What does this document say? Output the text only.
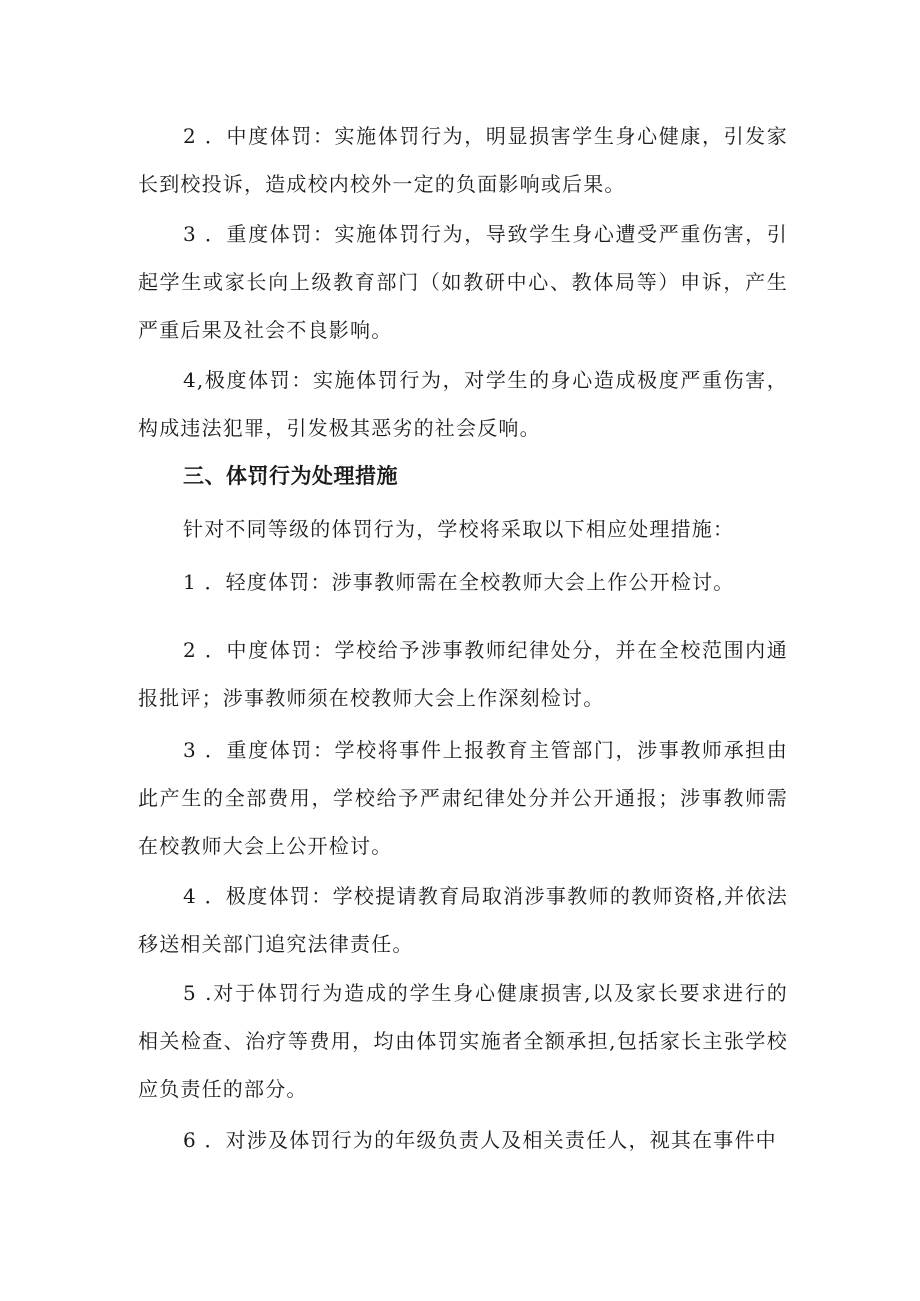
2 ．中度体罚：实施体罚行为，明显损害学生身心健康，引发家长到校投诉，造成校内校外一定的负面影响或后果。

3 ．重度体罚：实施体罚行为，导致学生身心遭受严重伤害，引起学生或家长向上级教育部门（如教研中心、教体局等）申诉，产生严重后果及社会不良影响。

4,极度体罚：实施体罚行为，对学生的身心造成极度严重伤害，构成违法犯罪，引发极其恶劣的社会反响。

三、体罚行为处理措施

针对不同等级的体罚行为，学校将采取以下相应处理措施：

1 ．轻度体罚：涉事教师需在全校教师大会上作公开检讨。

2 ．中度体罚：学校给予涉事教师纪律处分，并在全校范围内通报批评；涉事教师须在校教师大会上作深刻检讨。

3 ．重度体罚：学校将事件上报教育主管部门，涉事教师承担由此产生的全部费用，学校给予严肃纪律处分并公开通报；涉事教师需在校教师大会上公开检讨。

4 ．极度体罚：学校提请教育局取消涉事教师的教师资格,并依法移送相关部门追究法律责任。

5 .对于体罚行为造成的学生身心健康损害,以及家长要求进行的相关检查、治疗等费用，均由体罚实施者全额承担,包括家长主张学校应负责任的部分。

6 ．对涉及体罚行为的年级负责人及相关责任人，视其在事件中
